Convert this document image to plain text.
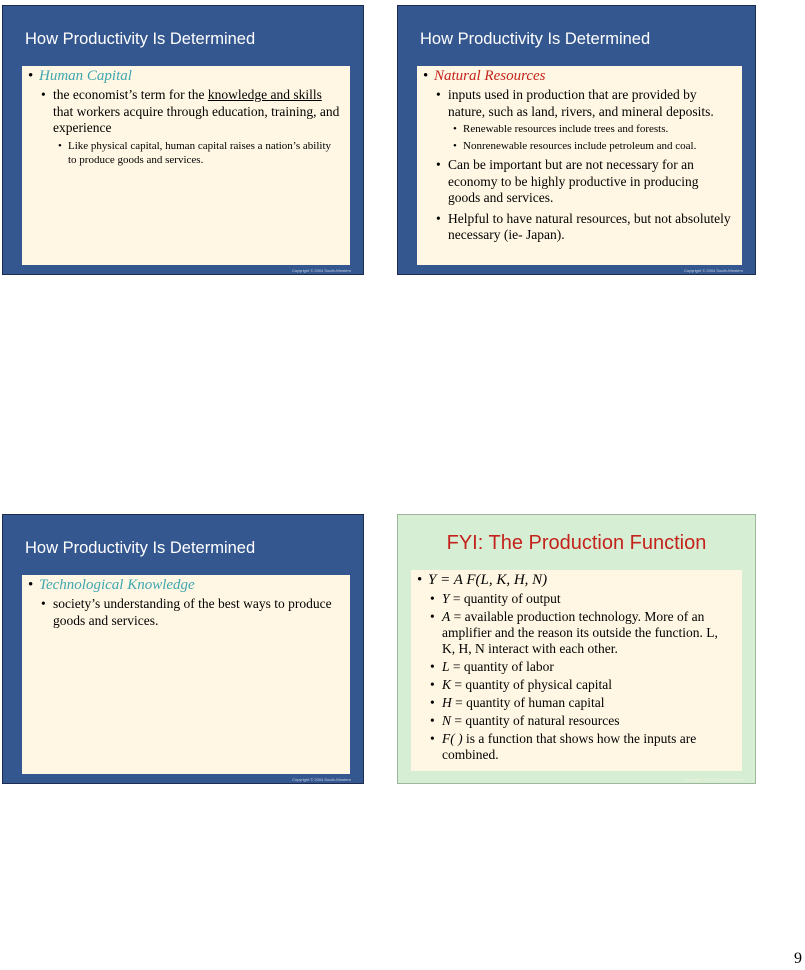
How Productivity Is Determined
• Human Capital
• the economist’s term for the knowledge and skills that workers acquire through education, training, and experience
• Like physical capital, human capital raises a nation’s ability to produce goods and services.
Copyright © 2004 South-Western
How Productivity Is Determined
• Natural Resources
• inputs used in production that are provided by nature, such as land, rivers, and mineral deposits.
• Renewable resources include trees and forests.
• Nonrenewable resources include petroleum and coal.
• Can be important but are not necessary for an economy to be highly productive in producing goods and services.
• Helpful to have natural resources, but not absolutely necessary (ie- Japan).
Copyright © 2004 South-Western
How Productivity Is Determined
• Technological Knowledge
• society’s understanding of the best ways to produce goods and services.
Copyright © 2004 South-Western
FYI: The Production Function
• Y = A F(L, K, H, N)
• Y = quantity of output
• A = available production technology. More of an amplifier and the reason its outside the function. L, K, H, N interact with each other.
• L = quantity of labor
• K = quantity of physical capital
• H = quantity of human capital
• N = quantity of natural resources
• F( ) is a function that shows how the inputs are combined.
Copyright © 2004 South-Western
9
